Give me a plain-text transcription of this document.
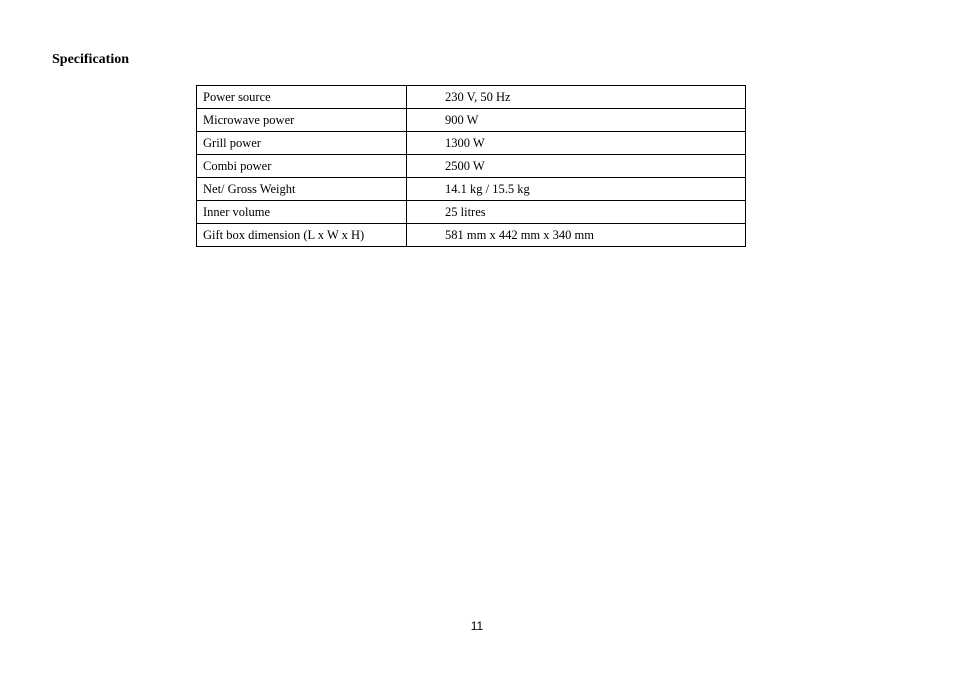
Specification
Power source	230 V, 50 Hz
Microwave power	900 W
Grill power	1300 W
Combi power	2500 W
Net/ Gross Weight	14.1 kg / 15.5 kg
Inner volume	25 litres
Gift box dimension (L x W x H)	581 mm x 442 mm x 340 mm
11
